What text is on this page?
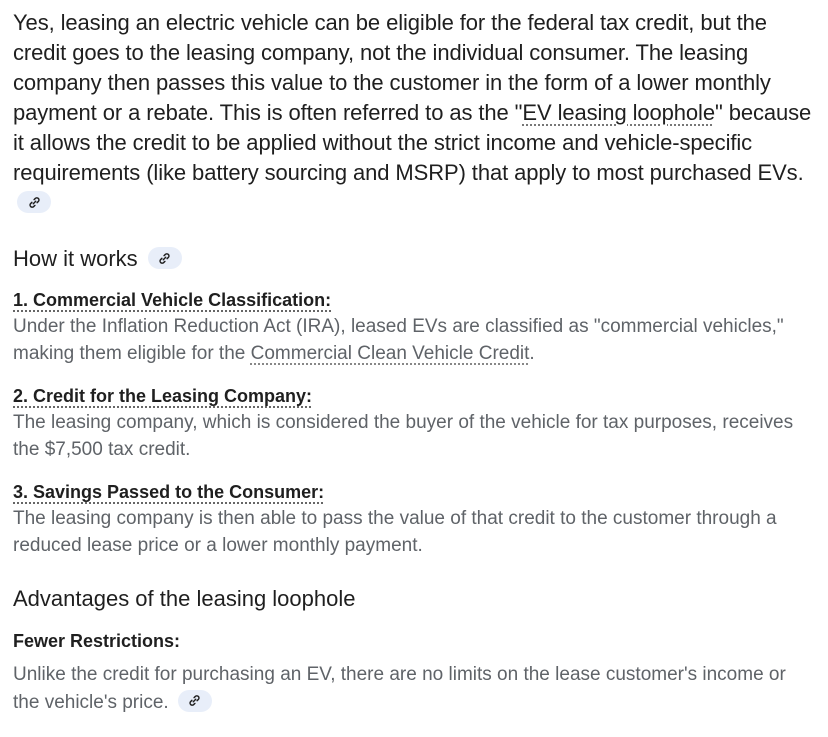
Yes, leasing an electric vehicle can be eligible for the federal tax credit, but the credit goes to the leasing company, not the individual consumer. The leasing company then passes this value to the customer in the form of a lower monthly payment or a rebate. This is often referred to as the "EV leasing loophole" because it allows the credit to be applied without the strict income and vehicle-specific requirements (like battery sourcing and MSRP) that apply to most purchased EVs.

How it works
1. Commercial Vehicle Classification:

Under the Inflation Reduction Act (IRA), leased EVs are classified as "commercial vehicles," making them eligible for the Commercial Clean Vehicle Credit.

2. Credit for the Leasing Company:

The leasing company, which is considered the buyer of the vehicle for tax purposes, receives the $7,500 tax credit.

3. Savings Passed to the Consumer:

The leasing company is then able to pass the value of that credit to the customer through a reduced lease price or a lower monthly payment.

Advantages of the leasing loophole
Fewer Restrictions:

Unlike the credit for purchasing an EV, there are no limits on the lease customer's income or the vehicle's price.
